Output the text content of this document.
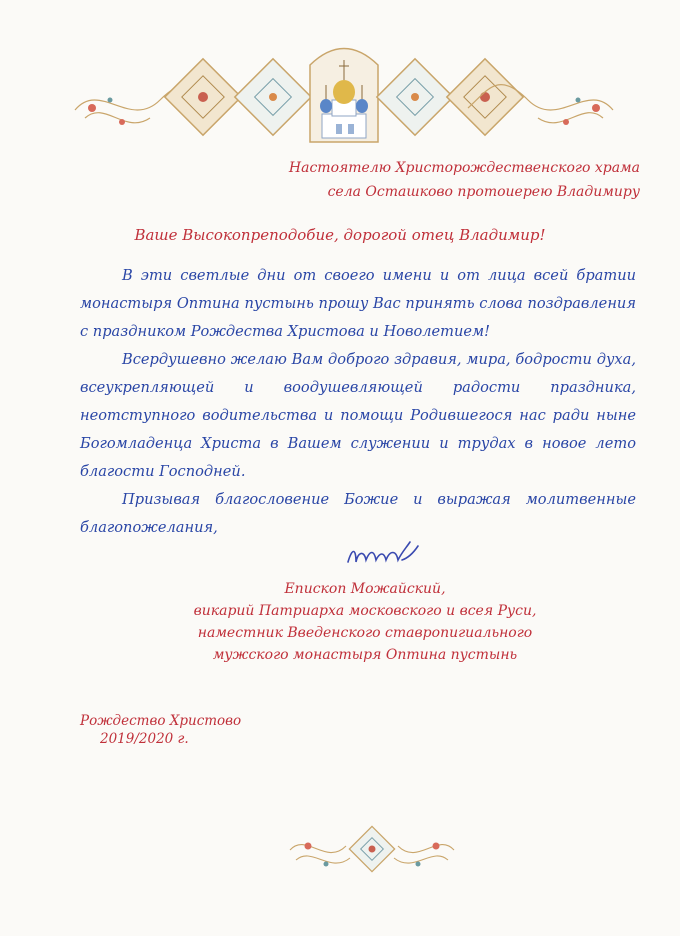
Настоятелю Христорождественского храма
села Осташково протоиерею Владимиру
Ваше Высокопреподобие, дорогой отец Владимир!

В эти светлые дни от своего имени и от лица всей братии монастыря Оптина пустынь прошу Вас принять слова поздравления с праздником Рождества Христова и Новолетием!

Всердушевно желаю Вам доброго здравия, мира, бодрости духа, всеукрепляющей и воодушевляющей радости праздника, неотступного водительства и помощи Родившегося нас ради ныне Богомладенца Христа в Вашем служении и трудах в новое лето благости Господней.

Призывая благословение Божие и выражая молитвенные благопожелания,

Епископ Можайский,
викарий Патриарха московского и всея Руси,
наместник Введенского ставропигиального
мужского монастыря Оптина пустынь
Рождество Христово
2019/2020 г.
